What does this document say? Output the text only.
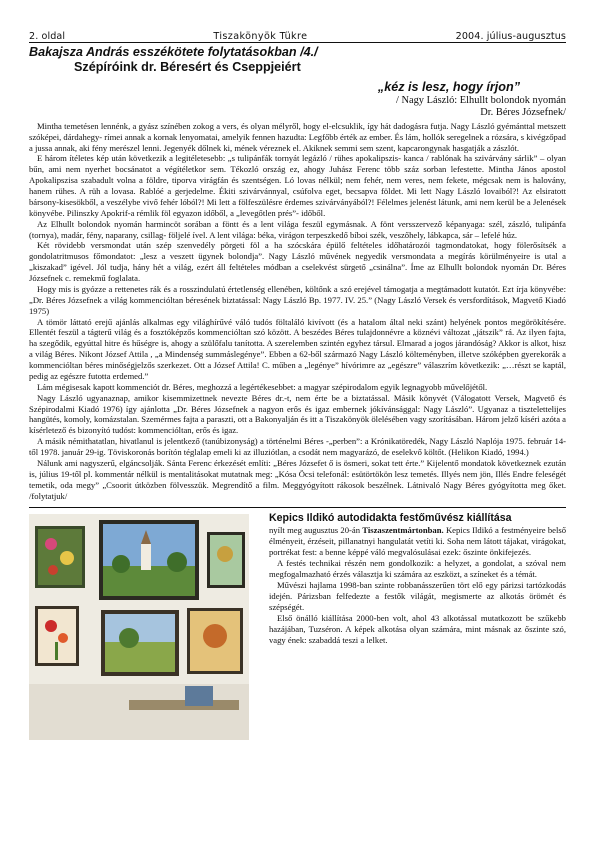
2. oldal	Tiszakönyök Tükre	2004. július-augusztus
Bakajsza András esszékötete folytatásokban /4./
Szépíróink dr. Béresért és Cseppjeiért
„kéz is lesz, hogy írjon”
/ Nagy László: Elhullt bolondok nyomán
Dr. Béres Józsefnek/

Mintha temetésen lennénk, a gyász színében zokog a vers, és olyan mélyről, hogy el-elcsuklik, így hát dadogásra futja. Nagy László gyémánttal metszett szóképei, dárdahegy- rímei annak a kornak lenyomatai, amelyik fennen hazudta: Legfőbb érték az ember. És lám, hollók seregelnek a rózsára, s kivégzőpad a jussa annak, aki fény merészel lenni. Jegenyék dőlnek ki, mének véreznek el. Akiknek semmi sem szent, kapcarongynak hasgatják a zászlót.

E három ítéletes kép után következik a legitéletesebb: „s tulipánfák tornyát legázló / rühes apokalipszis- kanca / rablónak ha szivárvány sárlik” – olyan bűn, ami nem nyerhet bocsánatot a végítéletkor sem. Tékozló ország ez, ahogy Juhász Ferenc több száz sorban lefestette. Mintha János apostol Apokalipszisa szabadult volna a földre, tiporva virágfán és szentségen. Ló lovas nélkül; nem fehér, nem veres, nem fekete, mégcsak nem is halovány, hanem rühes. A rüh a lovasa. Rablóé a gerjedelme. Ékiti szivárvánnyal, csúfolva eget, becsapva földet. Mi lett Nagy László lovaiból?! Az elsiratott bársony-kisesökből, a veszélybe vivő fehér lóból?! Mi lett a fölfeszülésre érdemes szivárványából?! Félelmes jelenést látunk, ami nem kerül be a Jelenések könyvébe. Pilinszky Apokrif-a rémlik föl egyazon időből, a „levegőtlen prés”- időből.

Az Elhullt bolondok nyomán harmincöt sorában a föntt és a lent világa feszül egymásnak. A fönt versszervező képanyaga: szél, zászló, tulipánfa (tornya), madár, fény, naparany, csillag- följelé ível. A lent világa: béka, virágon terpeszkedő bíboi szék, veszőhely, lábkapca, sár – lefelé húz.

Két rövidebb versmondat után szép szenvedély pörgeti föl a ha szócskára épülő feltételes időhatározói tagmondatokat, hogy fölerősítsék a gondolatritmusos főmondatot: „lesz a veszett ügynek bolondja”. Nagy László művének negyedik versmondata a megírás körülményeire is utal a „kiszakad” igével. Jól tudja, hány hét a világ, ezért áll feltételes módban a cselekvést sürgető „csinálna”. Íme az Elhullt bolondok nyomán Dr. Béres Józsefnek c. remekmű foglalata.

Hogy mis is gyózze a rettenetes rák és a rosszindulatú értetlenség ellenében, költőnk a szó erejével támogatja a megtámadott kutatót. Ezt írja könyvébe: „Dr. Béres Józsefnek a világ kommencióltan béresének biztatással: Nagy László Bp. 1977. IV. 25.” (Nagy László Versek és versfordítások, Magvető Kiadó 1975)

A tömör láttató erejű ajánlás alkalmas egy világhírűvé váló tudós föltaláló kivívott (és a hatalom által neki szánt) helyének pontos megörökítésére. Ellentét feszül a tágterű világ és a fosztóképzős kommencióltan szó között. A beszédes Béres tulajdonnévre a köznévi változat „játszik” rá. Az ilyen fajta, ha szegődik, egyúttal hitre és hűségre is, ahogy a szülőfalu tanította. A szerelemben szintén egyhez társul. Elmarad a jogos járandóság? Akkor is alkot, hisz a világ Béres. Nikont József Attila , „a Mindenség summáslegénye”. Ebben a 62-ből származó Nagy László költeményben, illetve szóképben gyerekorák a kommencióltan béres minőségjelzős szerkezet. Ott a József Attila! C. műben a „legénye” hívórimre az „egészre” válaszrím következik: „…részt se kaptál, pedig az egészre futotta erdemed.”

Lám mégisesak kapott kommenciót dr. Béres, meghozzá a legértékesebbet: a magyar szépirodalom egyik legnagyobb művelőjétől.

Nagy László ugyanaznap, amikor kisemmizettnek nevezte Béres dr.-t, nem érte be a biztatással. Másik könyvét (Válogatott Versek, Magvető és Szépirodalmi Kiadó 1976) így ajánlotta „Dr. Béres Józsefnek a nagyon erős és igaz embernek jókívánsággal: Nagy László”. Ugyanaz a tisztelettelijes hangütés, komoly, komázstalan. Szemérmes fajta a paraszti, ott a Bakonyalján és itt a Tiszakönyök ölelésében vagy szorításában. Három jelző kíséri azóta a kísérletező és bizonyító tudóst: kommencióltan, erős és igaz.

A másik némithatatlan, hivatlanul is jelentkező (tanúbizonyság) a történelmi Béres -„perben”: a Krónikatöredék, Nagy László Naplója 1975. február 14-től 1978. január 29-ig. Töviskoronás borítón téglalap emeli ki az illuziótlan, a csodát nem magyarázó, de eselekvő költőt. (Helikon Kiadó, 1994.)

Nálunk ami nagyszerű, elgáncsolják. Sánta Ferenc érkezését említi: „Béres Józsefet ő is ösmeri, sokat tett érte.” Kijelentő mondatok következnek ezután is, július 19-től pl. kommentár nélkül is mentalitásokat mutatnak meg: „Kósa Öcsi telefonál: esütörtökön lesz temetés. Illyés nem jön, Illés Endre feleségét temetik, oda megy” „Csoorit útközben fölvesszük. Megrendítő a film. Meggyógyított rákosok beszélnek. Látnivaló Nagy Béres gyógyította meg őket. /folytatjuk/

Kepics Ildikó autodidakta festőművész kiállítása

nyílt meg augusztus 20-án Tiszaszentmártonban. Kepics Ildikó a festményeire belső élményeit, érzéseit, pillanatnyi hangulatát vetíti ki. Soha nem látott tájakat, virágokat, portrékat fest: a benne képpé váló megvalósulásai ezek: őszinte önkifejezés.

A festés technikai részén nem gondolkozik: a helyzet, a gondolat, a szóval nem megfogalmazható érzés választja ki számára az eszközt, a színeket és a témát.

Művészi hajlama 1998-ban szinte robbanásszerűen tört elő egy párizsi tartózkodás idején. Párizsban felfedezte a festők világát, megismerte az alkotás örömét és szépségét.

Első önálló kiállítása 2000-ben volt, ahol 43 alkotással mutatkozott be szűkebb hazájában, Tuzséron. A képek alkotása olyan számára, mint másnak az őszinte szó, vagy ének: szabaddá teszi a lelket.
